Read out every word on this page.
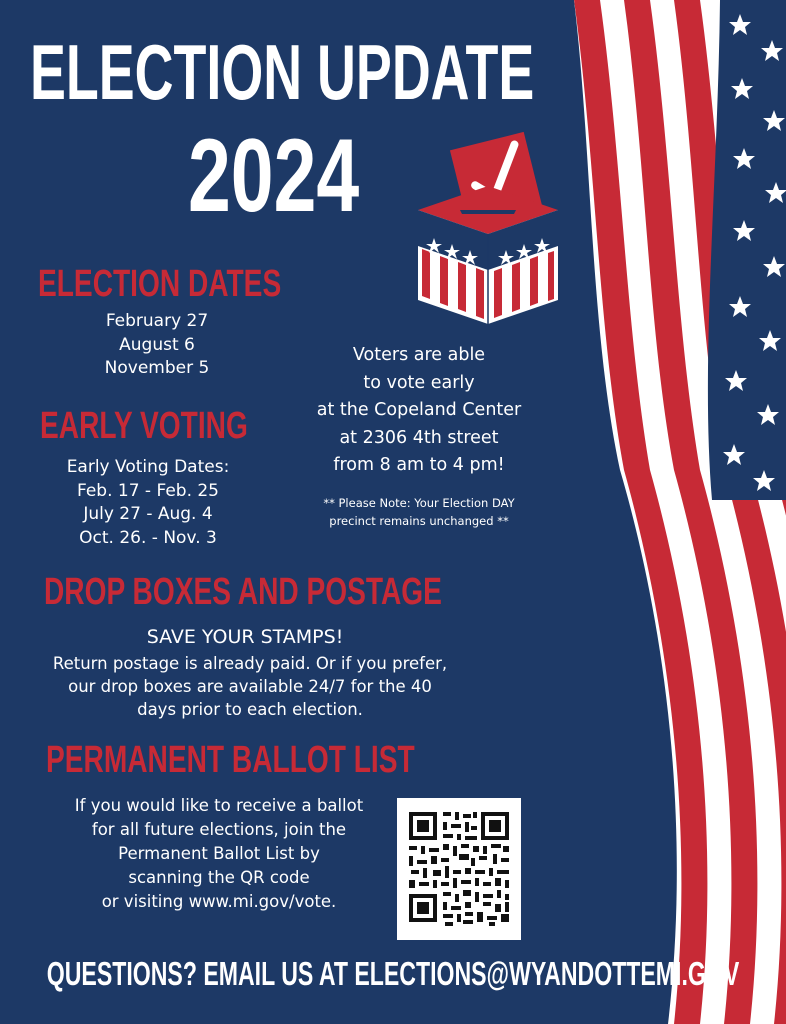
ELECTION UPDATE
2024
ELECTION DATES
February 27
August 6
November 5
EARLY VOTING
Early Voting Dates:
Feb. 17 - Feb. 25
July 27 - Aug. 4
Oct. 26. - Nov. 3
Voters are able
to vote early
at the Copeland Center
at 2306 4th street
from 8 am to 4 pm!
** Please Note: Your Election DAY
precinct remains unchanged **
DROP BOXES AND POSTAGE
SAVE YOUR STAMPS!
Return postage is already paid. Or if you prefer,
our drop boxes are available 24/7 for the 40
days prior to each election.
PERMANENT BALLOT LIST
If you would like to receive a ballot
for all future elections, join the
Permanent Ballot List by
scanning the QR code
or visiting www.mi.gov/vote.
QUESTIONS? EMAIL US AT ELECTIONS@WYANDOTTEMI.GOV
